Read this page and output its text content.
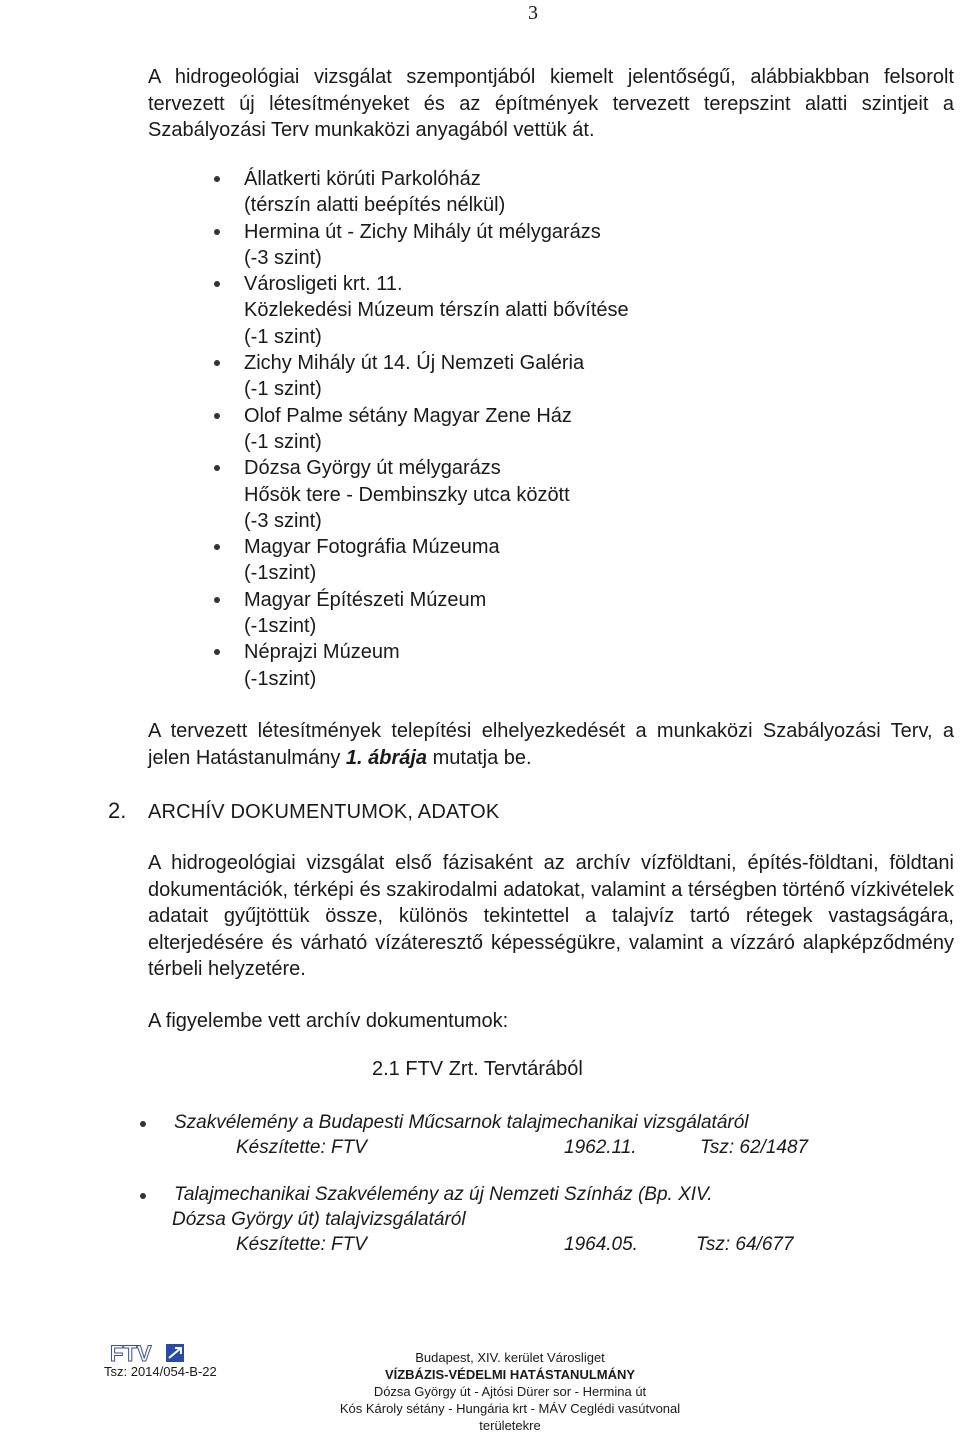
3

A hidrogeológiai vizsgálat szempontjából kiemelt jelentőségű, alábbiakbban felsorolt tervezett új létesítményeket és az építmények tervezett terepszint alatti szintjeit a Szabályozási Terv munkaközi anyagából vettük át.

Állatkerti körúti Parkolóház
(térszín alatti beépítés nélkül)
Hermina út - Zichy Mihály út mélygarázs
(-3 szint)
Városligeti krt. 11.
Közlekedési Múzeum térszín alatti bővítése
(-1 szint)
Zichy Mihály út 14. Új Nemzeti Galéria
(-1 szint)
Olof Palme sétány Magyar Zene Ház
(-1 szint)
Dózsa György út mélygarázs
Hősök tere - Dembinszky utca között
(-3 szint)
Magyar Fotográfia Múzeuma
(-1szint)
Magyar Építészeti Múzeum
(-1szint)
Néprajzi Múzeum
(-1szint)

A tervezett létesítmények telepítési elhelyezkedését a munkaközi Szabályozási Terv, a jelen Hatástanulmány 1. ábrája mutatja be.

2. ARCHÍV DOKUMENTUMOK, ADATOK

A hidrogeológiai vizsgálat első fázisaként az archív vízföldtani, építés-földtani, földtani dokumentációk, térképi és szakirodalmi adatokat, valamint a térségben történő vízkivételek adatait gyűjtöttük össze, különös tekintettel a talajvíz tartó rétegek vastagságára, elterjedésére és várható vízáteresztő képességükre, valamint a vízzáró alapképződmény térbeli helyzetére.

A figyelembe vett archív dokumentumok:

2.1 FTV Zrt. Tervtárából
Szakvélemény a Budapesti Műcsarnok talajmechanikai vizsgálatáról
Készítette: FTV	1962.11.	Tsz: 62/1487
Talajmechanikai Szakvélemény az új Nemzeti Színház (Bp. XIV.
Dózsa György út) talajvizsgálatáról
Készítette: FTV	1964.05.	Tsz: 64/677
FTV
Tsz: 2014/054-B-22
Budapest, XIV. kerület Városliget
VÍZBÁZIS-VÉDELMI HATÁSTANULMÁNY
Dózsa György út - Ajtósi Dürer sor - Hermina út
Kós Károly sétány - Hungária krt - MÁV Ceglédi vasútvonal
területekre
